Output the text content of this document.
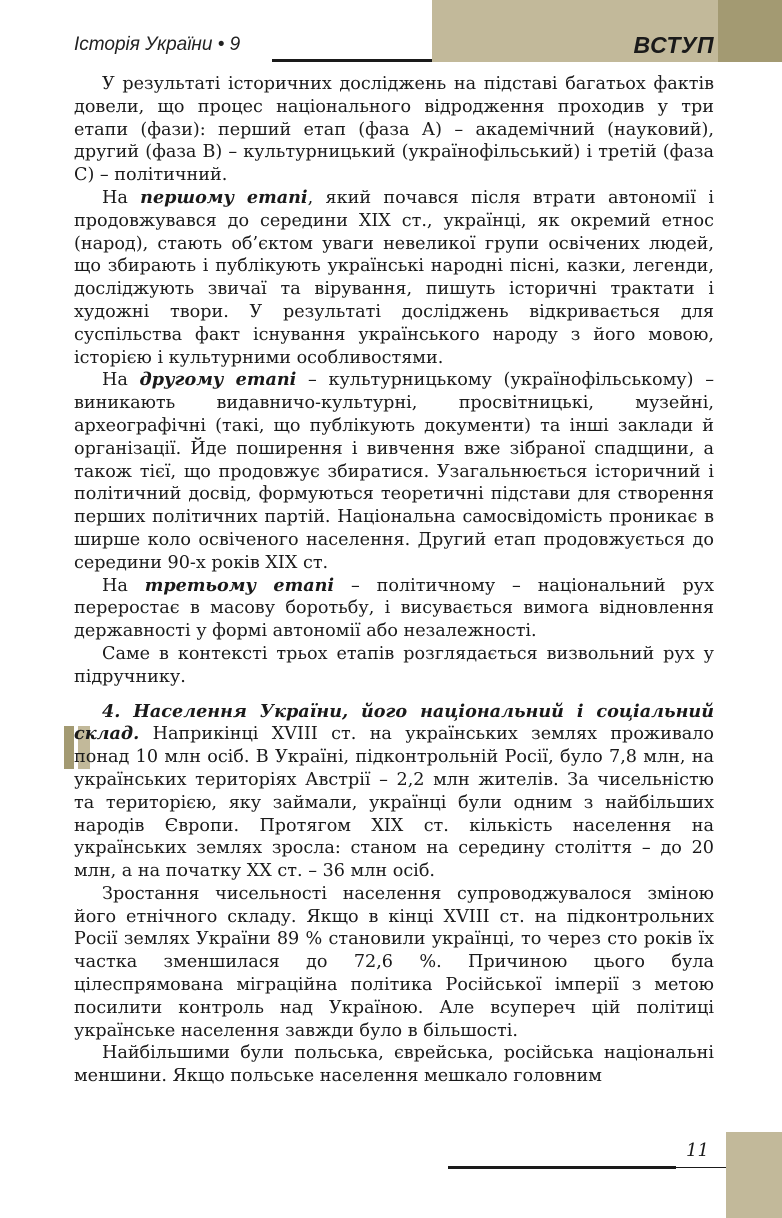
Історія України • 9	ВСТУП

У результаті історичних досліджень на підставі багатьох фактів довели, що процес національного відродження проходив у три етапи (фази): перший етап (фаза А) – академічний (науковий), другий (фаза В) – культурницький (українофільський) і третій (фаза С) – політичний.

На першому етапі, який почався після втрати автономії і продовжувався до середини XIX ст., українці, як окремий етнос (народ), стають об’єктом уваги невеликої групи освічених людей, що збирають і публікують українські народні пісні, казки, легенди, досліджують звичаї та вірування, пишуть історичні трактати і художні твори. У результаті досліджень відкривається для суспільства факт існування українського народу з його мовою, історією і культурними особливостями.

На другому етапі – культурницькому (українофільському) – виникають видавничо-культурні, просвітницькі, музейні, археографічні (такі, що публікують документи) та інші заклади й організації. Йде поширення і вивчення вже зібраної спадщини, а також тієї, що продовжує збиратися. Узагальнюється історичний і політичний досвід, формуються теоретичні підстави для створення перших політичних партій. Національна самосвідомість проникає в ширше коло освіченого населення. Другий етап продовжується до середини 90-х років XIX ст.

На третьому етапі – політичному – національний рух переростає в масову боротьбу, і висувається вимога відновлення державності у формі автономії або незалежності.

Саме в контексті трьох етапів розглядається визвольний рух у підручнику.

4. Населення України, його національний і соціальний склад. Наприкінці XVIII ст. на українських землях проживало понад 10 млн осіб. В Україні, підконтрольній Росії, було 7,8 млн, на українських територіях Австрії – 2,2 млн жителів. За чисельністю та територією, яку займали, українці були одним з найбільших народів Європи. Протягом XIX ст. кількість населення на українських землях зросла: станом на середину століття – до 20 млн, а на початку XX ст. – 36 млн осіб.

Зростання чисельності населення супроводжувалося зміною його етнічного складу. Якщо в кінці XVIII ст. на підконтрольних Росії землях України 89 % становили українці, то через сто років їх частка зменшилася до 72,6 %. Причиною цього була цілеспрямована міграційна політика Російської імперії з метою посилити контроль над Україною. Але всупереч цій політиці українське населення завжди було в більшості.

Найбільшими були польська, єврейська, російська національні меншини. Якщо польське населення мешкало головним

11
